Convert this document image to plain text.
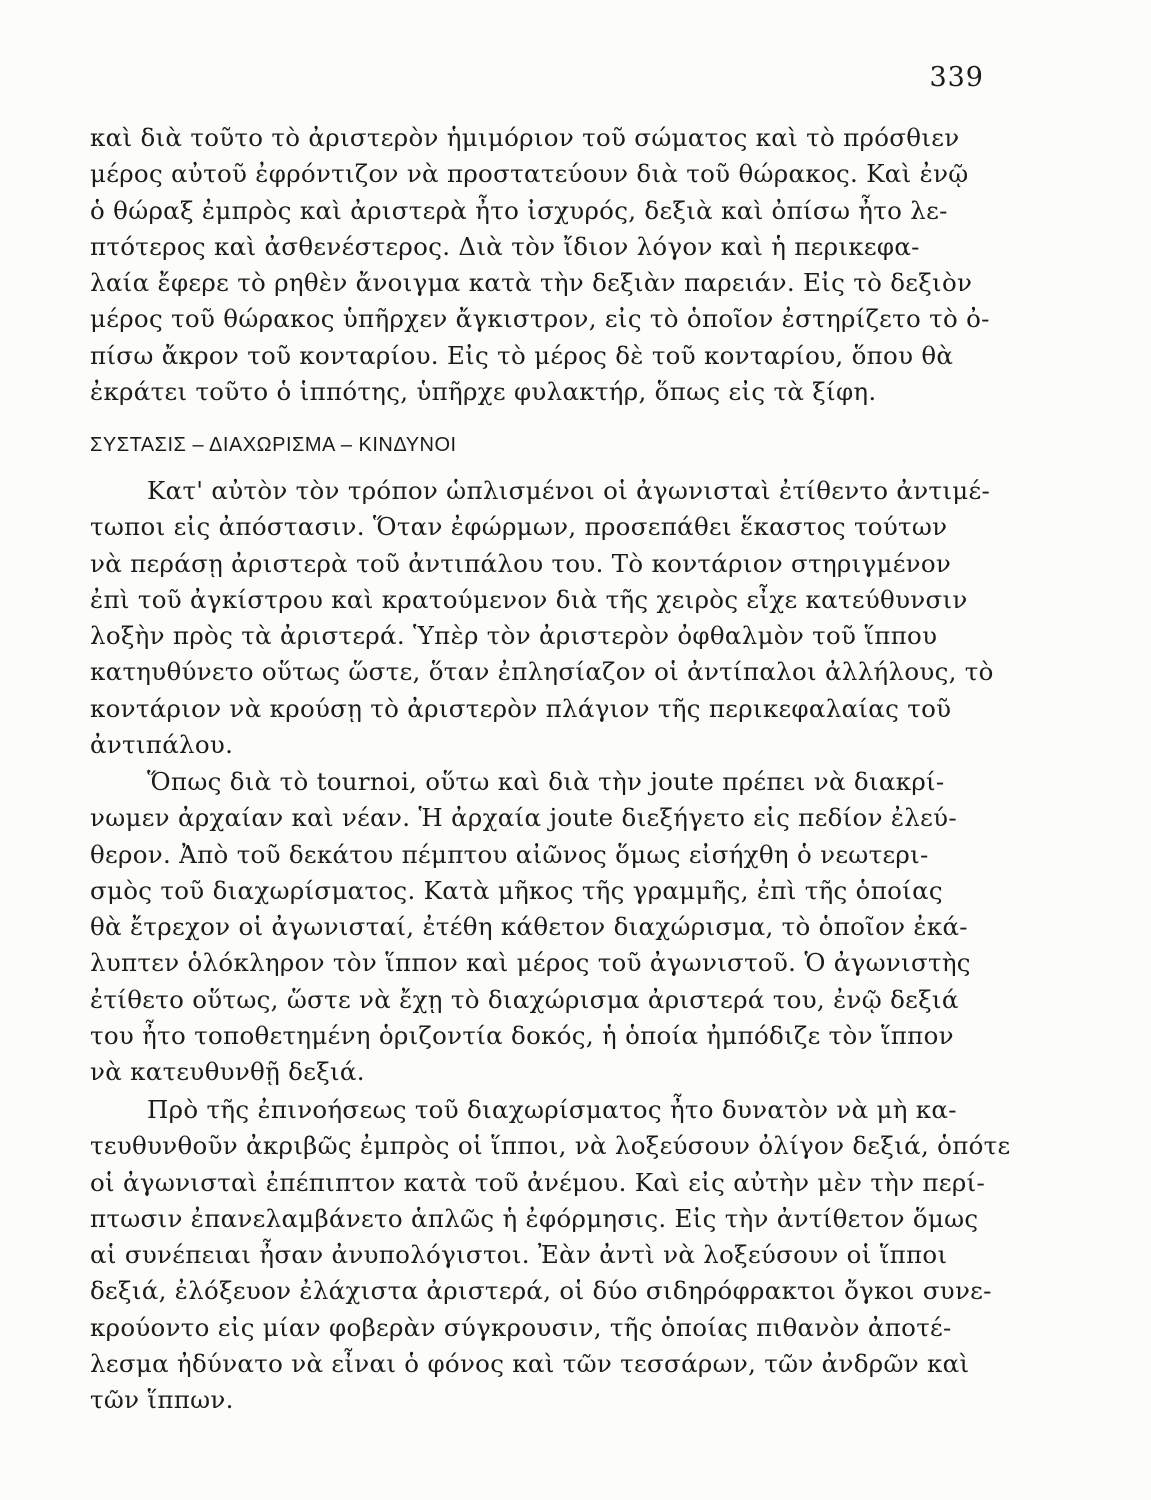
339
καὶ διὰ τοῦτο τὸ ἀριστερὸν ἡμιμόριον τοῦ σώματος καὶ τὸ πρόσθιεν
μέρος αὐτοῦ ἐφρόντιζον νὰ προστατεύουν διὰ τοῦ θώρακος. Καὶ ἐνῷ
ὁ θώραξ ἐμπρὸς καὶ ἀριστερὰ ἦτο ἰσχυρός, δεξιὰ καὶ ὀπίσω ἦτο λε-
πτότερος καὶ ἀσθενέστερος. Διὰ τὸν ἴδιον λόγον καὶ ἡ περικεφα-
λαία ἔφερε τὸ ρηθὲν ἄνοιγμα κατὰ τὴν δεξιὰν παρειάν. Εἰς τὸ δεξιὸν
μέρος τοῦ θώρακος ὑπῆρχεν ἄγκιστρον, εἰς τὸ ὁποῖον ἐστηρίζετο τὸ ὀ-
πίσω ἄκρον τοῦ κονταρίου. Εἰς τὸ μέρος δὲ τοῦ κονταρίου, ὅπου θὰ
ἐκράτει τοῦτο ὁ ἱππότης, ὑπῆρχε φυλακτήρ, ὅπως εἰς τὰ ξίφη.
ΣΥΣΤΑΣΙΣ – ΔΙΑΧΩΡΙΣΜΑ – ΚΙΝΔΥΝΟΙ
Κατ' αὐτὸν τὸν τρόπον ὡπλισμένοι οἱ ἀγωνισταὶ ἐτίθεντο ἀντιμέ-
τωποι εἰς ἀπόστασιν. Ὅταν ἐφώρμων, προσεπάθει ἕκαστος τούτων
νὰ περάσῃ ἀριστερὰ τοῦ ἀντιπάλου του. Τὸ κοντάριον στηριγμένον
ἐπὶ τοῦ ἀγκίστρου καὶ κρατούμενον διὰ τῆς χειρὸς εἶχε κατεύθυνσιν
λοξὴν πρὸς τὰ ἀριστερά. Ὑπὲρ τὸν ἀριστερὸν ὀφθαλμὸν τοῦ ἵππου
κατηυθύνετο οὕτως ὥστε, ὅταν ἐπλησίαζον οἱ ἀντίπαλοι ἀλλήλους, τὸ
κοντάριον νὰ κρούσῃ τὸ ἀριστερὸν πλάγιον τῆς περικεφαλαίας τοῦ
ἀντιπάλου.
Ὅπως διὰ τὸ tournoi, οὕτω καὶ διὰ τὴν joute πρέπει νὰ διακρί-
νωμεν ἀρχαίαν καὶ νέαν. Ἡ ἀρχαία joute διεξήγετο εἰς πεδίον ἐλεύ-
θερον. Ἀπὸ τοῦ δεκάτου πέμπτου αἰῶνος ὅμως εἰσήχθη ὁ νεωτερι-
σμὸς τοῦ διαχωρίσματος. Κατὰ μῆκος τῆς γραμμῆς, ἐπὶ τῆς ὁποίας
θὰ ἔτρεχον οἱ ἀγωνισταί, ἐτέθη κάθετον διαχώρισμα, τὸ ὁποῖον ἐκά-
λυπτεν ὁλόκληρον τὸν ἵππον καὶ μέρος τοῦ ἀγωνιστοῦ. Ὁ ἀγωνιστὴς
ἐτίθετο οὕτως, ὥστε νὰ ἔχῃ τὸ διαχώρισμα ἀριστερά του, ἐνῷ δεξιά
του ἦτο τοποθετημένη ὁριζοντία δοκός, ἡ ὁποία ἠμπόδιζε τὸν ἵππον
νὰ κατευθυνθῇ δεξιά.
Πρὸ τῆς ἐπινοήσεως τοῦ διαχωρίσματος ἦτο δυνατὸν νὰ μὴ κα-
τευθυνθοῦν ἀκριβῶς ἐμπρὸς οἱ ἵπποι, νὰ λοξεύσουν ὀλίγον δεξιά, ὁπότε
οἱ ἀγωνισταὶ ἐπέπιπτον κατὰ τοῦ ἀνέμου. Καὶ εἰς αὐτὴν μὲν τὴν περί-
πτωσιν ἐπανελαμβάνετο ἁπλῶς ἡ ἐφόρμησις. Εἰς τὴν ἀντίθετον ὅμως
αἱ συνέπειαι ἦσαν ἀνυπολόγιστοι. Ἐὰν ἀντὶ νὰ λοξεύσουν οἱ ἵπποι
δεξιά, ἐλόξευον ἐλάχιστα ἀριστερά, οἱ δύο σιδηρόφρακτοι ὄγκοι συνε-
κρούοντο εἰς μίαν φοβερὰν σύγκρουσιν, τῆς ὁποίας πιθανὸν ἀποτέ-
λεσμα ἠδύνατο νὰ εἶναι ὁ φόνος καὶ τῶν τεσσάρων, τῶν ἀνδρῶν καὶ
τῶν ἵππων.
